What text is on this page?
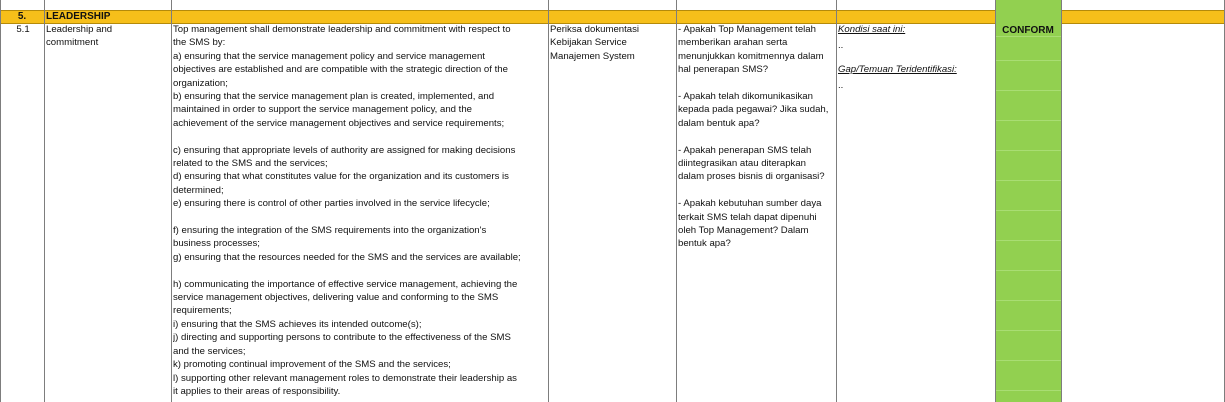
5.	LEADERSHIP
5.1	Leadership and commitment
Top management shall demonstrate leadership and commitment with respect to
the SMS by:
a) ensuring that the service management policy and service management
objectives are established and are compatible with the strategic direction of the
organization;
b) ensuring that the service management plan is created, implemented, and
maintained in order to support the service management policy, and the
achievement of the service management objectives and service requirements;
c) ensuring that appropriate levels of authority are assigned for making decisions
related to the SMS and the services;
d) ensuring that what constitutes value for the organization and its customers is
determined;
e) ensuring there is control of other parties involved in the service lifecycle;
f) ensuring the integration of the SMS requirements into the organization's
business processes;
g) ensuring that the resources needed for the SMS and the services are available;
h) communicating the importance of effective service management, achieving the
service management objectives, delivering value and conforming to the SMS
requirements;
i) ensuring that the SMS achieves its intended outcome(s);
j) directing and supporting persons to contribute to the effectiveness of the SMS
and the services;
k) promoting continual improvement of the SMS and the services;
l) supporting other relevant management roles to demonstrate their leadership as
it applies to their areas of responsibility.
Periksa dokumentasi
Kebijakan Service
Manajemen System
- Apakah Top Management telah
memberikan arahan serta
menunjukkan komitmennya dalam
hal penerapan SMS?
- Apakah telah dikomunikasikan
kepada pada pegawai? Jika sudah,
dalam bentuk apa?
- Apakah penerapan SMS telah
diintegrasikan atau diterapkan
dalam proses bisnis di organisasi?
- Apakah kebutuhan sumber daya
terkait SMS telah dapat dipenuhi
oleh Top Management? Dalam
bentuk apa?
Kondisi saat ini:
..
Gap/Temuan Teridentifikasi:
..
CONFORM
